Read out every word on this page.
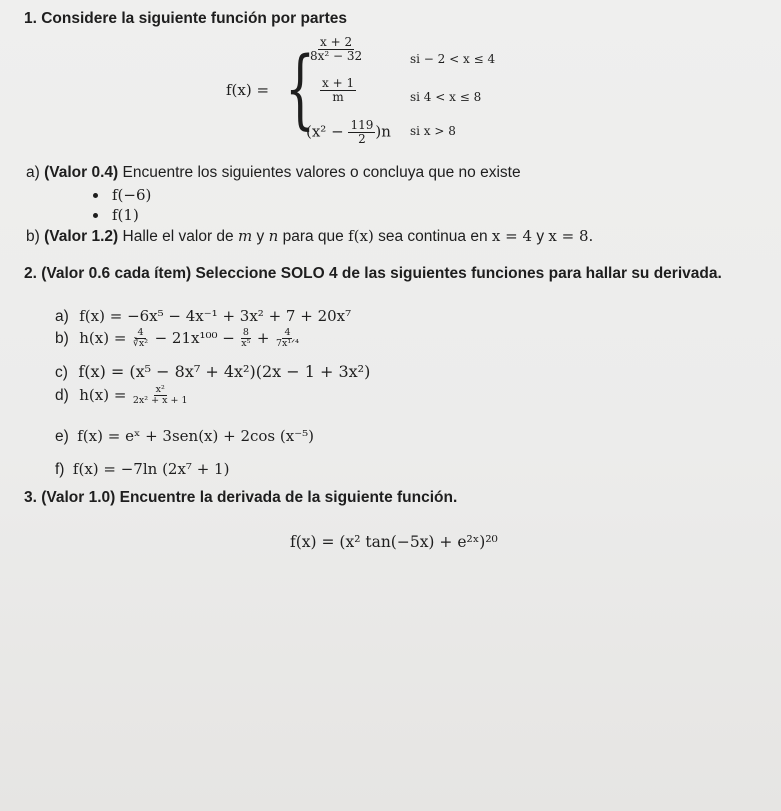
1. Considere la siguiente función por partes
f(x) = {
$\frac{x + 2}{\text{8x² − 32}}$	si − 2 < x ≤ 4
$\frac{x + 1}{m}$	si 4 < x ≤ 8
$(x^2 - \frac{119}{2} )n$ si x > 8
a) (Valor 0.4) Encuentre los siguientes valores o concluya que no existe
f(−6)
f(1)
b) (Valor 1.2) Halle el valor de m y n para que f(x) sea continua en x = 4 y x = 8.
2. (Valor 0.6 cada ítem) Seleccione SOLO 4 de las siguientes funciones para hallar su derivada.
a) f(x) = −6x⁵ − 4x⁻¹ + 3x² + 7 + 20x⁷
b) $h(x) = \frac{4}{\text{∛x²}} - 21x^{100} - \frac{8}{\text{x⁵}} + \frac{4}{\text{7x¹ᐟ⁴}}$
c) f(x) = (x⁵ − 8x⁷ + 4x²)(2x − 1 + 3x²)
d) $h(x) = \frac{\text{x²}}{\text{2x² + x + 1}}$
e) f(x) = eˣ + 3sen(x) + 2cos (x⁻⁵)
f) f(x) = −7ln (2x⁷ + 1)
3. (Valor 1.0) Encuentre la derivada de la siguiente función.
f(x) = (x² tan(−5x) + e²ˣ)²⁰
